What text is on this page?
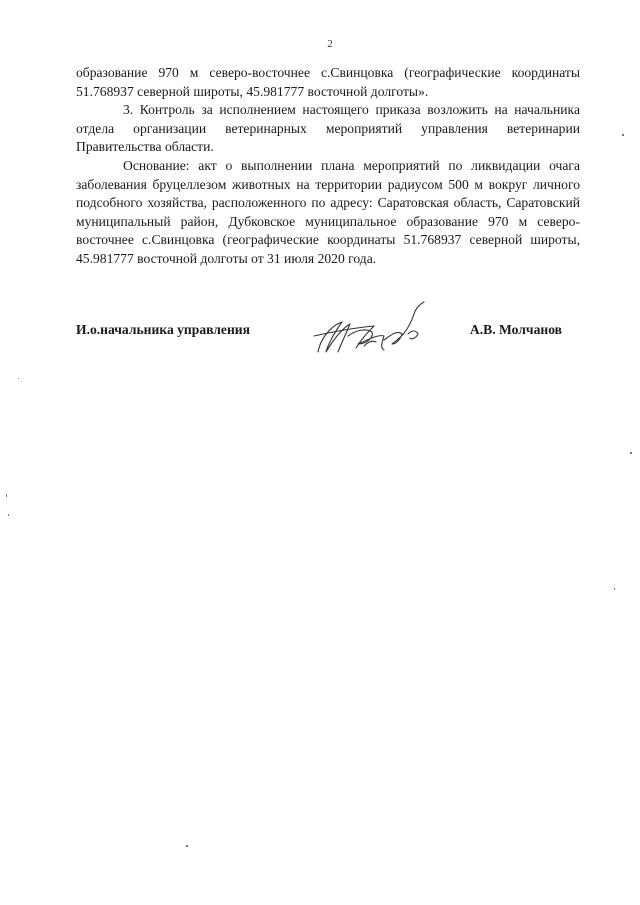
2

образование 970 м северо-восточнее с.Свинцовка (географические координаты 51.768937 северной широты, 45.981777 восточной долготы».

3. Контроль за исполнением настоящего приказа возложить на начальника отдела организации ветеринарных мероприятий управления ветеринарии Правительства области.

Основание: акт о выполнении плана мероприятий по ликвидации очага заболевания бруцеллезом животных на территории радиусом 500 м вокруг личного подсобного хозяйства, расположенного по адресу: Саратовская область, Саратовский муниципальный район, Дубковское муниципальное образование 970 м северо-восточнее с.Свинцовка (географические координаты 51.768937 северной широты, 45.981777 восточной долготы от 31 июля 2020 года.

И.о.начальника управления	А.В. Молчанов
